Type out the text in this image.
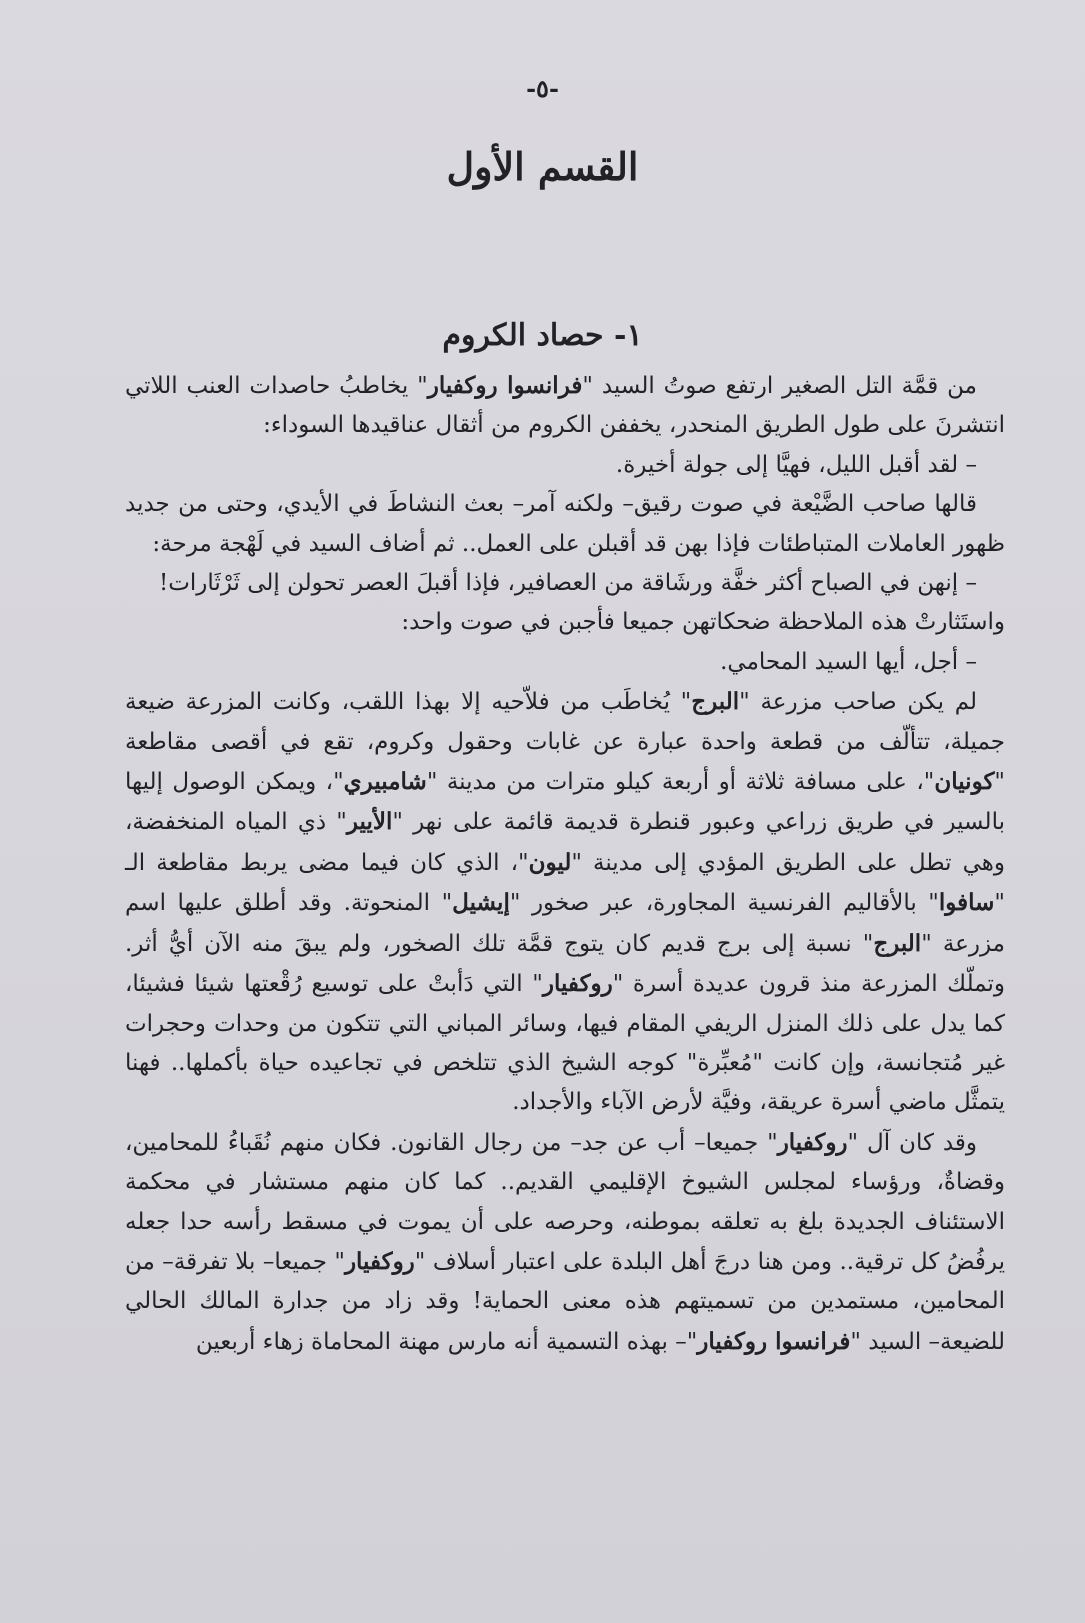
-٥-
القسم الأول
١- حصاد الكروم

من قمَّة التل الصغير ارتفع صوتُ السيد "فرانسوا روكفيار" يخاطبُ حاصدات العنب اللاتي انتشرنَ على طول الطريق المنحدر، يخففن الكروم من أثقال عناقيدها السوداء:

– لقد أقبل الليل، فهيَّا إلى جولة أخيرة.

قالها صاحب الضَّيْعة في صوت رقيق– ولكنه آمر– بعث النشاطَ في الأيدي، وحتى من جديد ظهور العاملات المتباطئات فإذا بهن قد أقبلن على العمل.. ثم أضاف السيد في لَهْجة مرحة:

– إنهن في الصباح أكثر خفَّة ورشَاقة من العصافير، فإذا أقبلَ العصر تحولن إلى ثَرْثَارات!

واستَثارتْ هذه الملاحظة ضحكاتهن جميعا فأجبن في صوت واحد:

– أجل، أيها السيد المحامي.

لم يكن صاحب مزرعة "البرج" يُخاطَب من فلاّحيه إلا بهذا اللقب، وكانت المزرعة ضيعة جميلة، تتألّف من قطعة واحدة عبارة عن غابات وحقول وكروم، تقع في أقصى مقاطعة "كونيان"، على مسافة ثلاثة أو أربعة كيلو مترات من مدينة "شامبيري"، ويمكن الوصول إليها بالسير في طريق زراعي وعبور قنطرة قديمة قائمة على نهر "الأيير" ذي المياه المنخفضة، وهي تطل على الطريق المؤدي إلى مدينة "ليون"، الذي كان فيما مضى يربط مقاطعة الـ "سافوا" بالأقاليم الفرنسية المجاورة، عبر صخور "إيشيل" المنحوتة. وقد أطلق عليها اسم مزرعة "البرج" نسبة إلى برج قديم كان يتوج قمَّة تلك الصخور، ولم يبقَ منه الآن أيُّ أثر. وتملّك المزرعة منذ قرون عديدة أسرة "روكفيار" التي دَأبتْ على توسيع رُقْعتها شيئا فشيئا، كما يدل على ذلك المنزل الريفي المقام فيها، وسائر المباني التي تتكون من وحدات وحجرات غير مُتجانسة، وإن كانت "مُعبِّرة" كوجه الشيخ الذي تتلخص في تجاعيده حياة بأكملها.. فهنا يتمثَّل ماضي أسرة عريقة، وفيَّة لأرض الآباء والأجداد.

وقد كان آل "روكفيار" جميعا– أب عن جد– من رجال القانون. فكان منهم نُقَباءُ للمحامين، وقضاةٌ، ورؤساء لمجلس الشيوخ الإقليمي القديم.. كما كان منهم مستشار في محكمة الاستئناف الجديدة بلغ به تعلقه بموطنه، وحرصه على أن يموت في مسقط رأسه حدا جعله يرفُضُ كل ترقية.. ومن هنا درجَ أهل البلدة على اعتبار أسلاف "روكفيار" جميعا– بلا تفرقة– من المحامين، مستمدين من تسميتهم هذه معنى الحماية! وقد زاد من جدارة المالك الحالي للضيعة– السيد "فرانسوا روكفيار"– بهذه التسمية أنه مارس مهنة المحاماة زهاء أربعين
